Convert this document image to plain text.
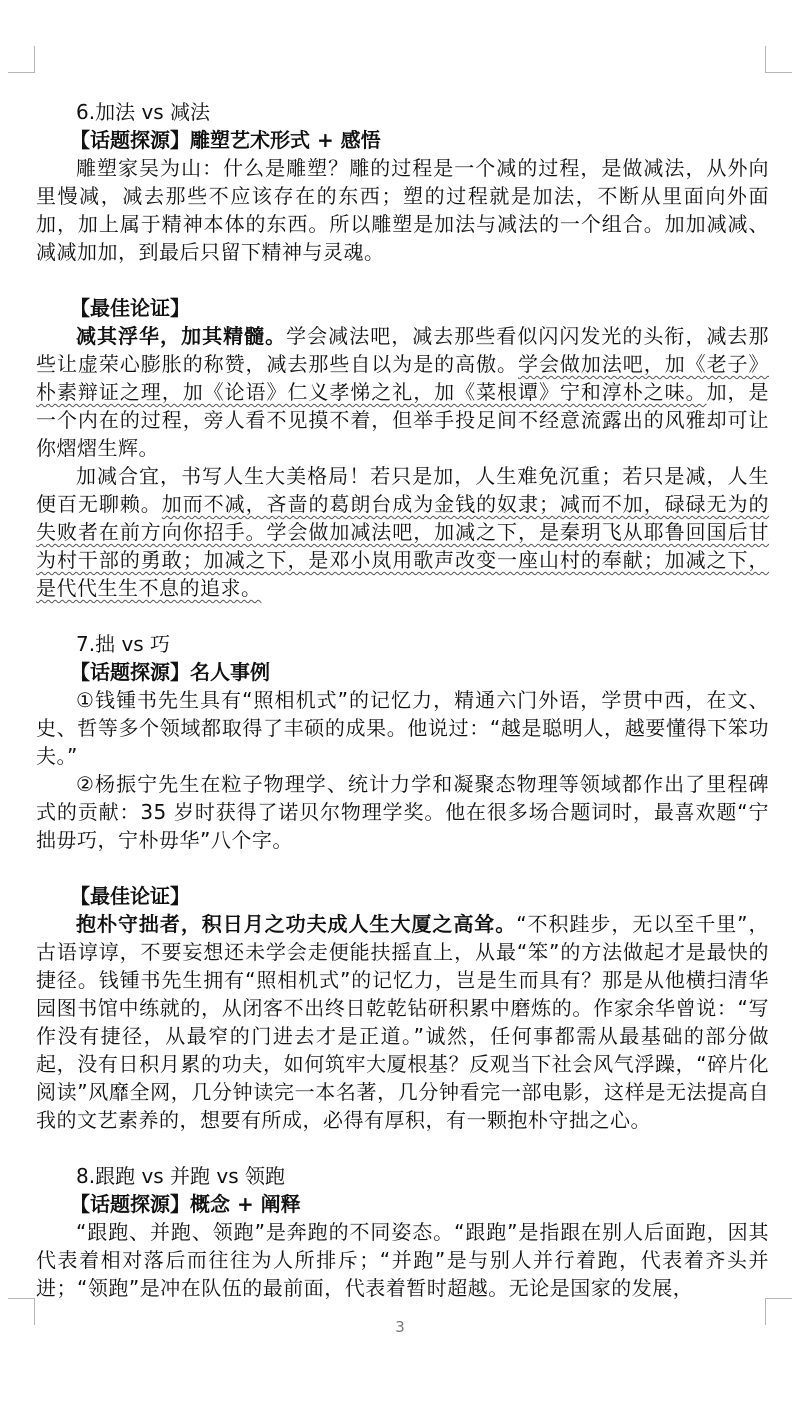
6.加法 vs 减法

【话题探源】雕塑艺术形式 + 感悟

雕塑家吴为山：什么是雕塑？雕的过程是一个减的过程，是做减法，从外向里慢减，减去那些不应该存在的东西；塑的过程就是加法，不断从里面向外面加，加上属于精神本体的东西。所以雕塑是加法与减法的一个组合。加加减减、减减加加，到最后只留下精神与灵魂。

【最佳论证】

减其浮华，加其精髓。学会减法吧，减去那些看似闪闪发光的头衔，减去那些让虚荣心膨胀的称赞，减去那些自以为是的高傲。学会做加法吧，加《老子》朴素辩证之理，加《论语》仁义孝悌之礼，加《菜根谭》宁和淳朴之味。加，是一个内在的过程，旁人看不见摸不着，但举手投足间不经意流露出的风雅却可让你熠熠生辉。

加减合宜，书写人生大美格局！若只是加，人生难免沉重；若只是减，人生便百无聊赖。加而不减，吝啬的葛朗台成为金钱的奴隶；减而不加，碌碌无为的失败者在前方向你招手。学会做加减法吧，加减之下，是秦玥飞从耶鲁回国后甘为村干部的勇敢；加减之下，是邓小岚用歌声改变一座山村的奉献；加减之下，是代代生生不息的追求。

7.拙 vs 巧

【话题探源】名人事例

①钱锺书先生具有“照相机式”的记忆力，精通六门外语，学贯中西，在文、史、哲等多个领域都取得了丰硕的成果。他说过：“越是聪明人，越要懂得下笨功夫。”

②杨振宁先生在粒子物理学、统计力学和凝聚态物理等领域都作出了里程碑式的贡献：35 岁时获得了诺贝尔物理学奖。他在很多场合题词时，最喜欢题“宁拙毋巧，宁朴毋华”八个字。

【最佳论证】

抱朴守拙者，积日月之功夫成人生大厦之高耸。“不积跬步，无以至千里”，古语谆谆，不要妄想还未学会走便能扶摇直上，从最“笨”的方法做起才是最快的捷径。钱锺书先生拥有“照相机式”的记忆力，岂是生而具有？那是从他横扫清华园图书馆中练就的，从闭客不出终日乾乾钻研积累中磨炼的。作家余华曾说：“写作没有捷径，从最窄的门进去才是正道。”诚然，任何事都需从最基础的部分做起，没有日积月累的功夫，如何筑牢大厦根基？反观当下社会风气浮躁，“碎片化阅读”风靡全网，几分钟读完一本名著，几分钟看完一部电影，这样是无法提高自我的文艺素养的，想要有所成，必得有厚积，有一颗抱朴守拙之心。

8.跟跑 vs 并跑 vs 领跑

【话题探源】概念 + 阐释

“跟跑、并跑、领跑”是奔跑的不同姿态。“跟跑”是指跟在别人后面跑，因其代表着相对落后而往往为人所排斥；“并跑”是与别人并行着跑，代表着齐头并进；“领跑”是冲在队伍的最前面，代表着暂时超越。无论是国家的发展，

3
